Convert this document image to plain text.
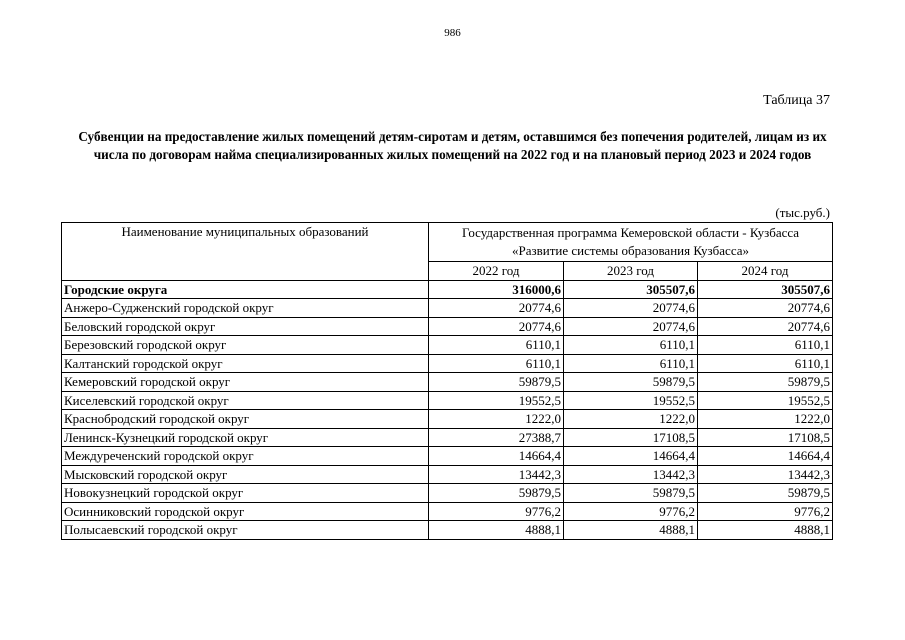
986
Таблица 37
Субвенции на предоставление жилых помещений детям-сиротам и детям, оставшимся без попечения родителей, лицам из их числа по договорам найма специализированных жилых помещений на 2022 год и на плановый период 2023 и 2024 годов
(тыс.руб.)
Наименование муниципальных образований	Государственная программа Кемеровской области - Кузбасса
«Развитие системы образования Кузбасса»		

	2022 год	2023 год	2024 год
Городские округа	316000,6	305507,6	305507,6
Анжеро-Судженский городской округ	20774,6	20774,6	20774,6
Беловский городской округ	20774,6	20774,6	20774,6
Березовский городской округ	6110,1	6110,1	6110,1
Калтанский городской округ	6110,1	6110,1	6110,1
Кемеровский городской округ	59879,5	59879,5	59879,5
Киселевский городской округ	19552,5	19552,5	19552,5
Краснобродский городской округ	1222,0	1222,0	1222,0
Ленинск-Кузнецкий городской округ	27388,7	17108,5	17108,5
Междуреченский городской округ	14664,4	14664,4	14664,4
Мысковский городской округ	13442,3	13442,3	13442,3
Новокузнецкий городской округ	59879,5	59879,5	59879,5
Осинниковский городской округ	9776,2	9776,2	9776,2
Полысаевский городской округ	4888,1	4888,1	4888,1
